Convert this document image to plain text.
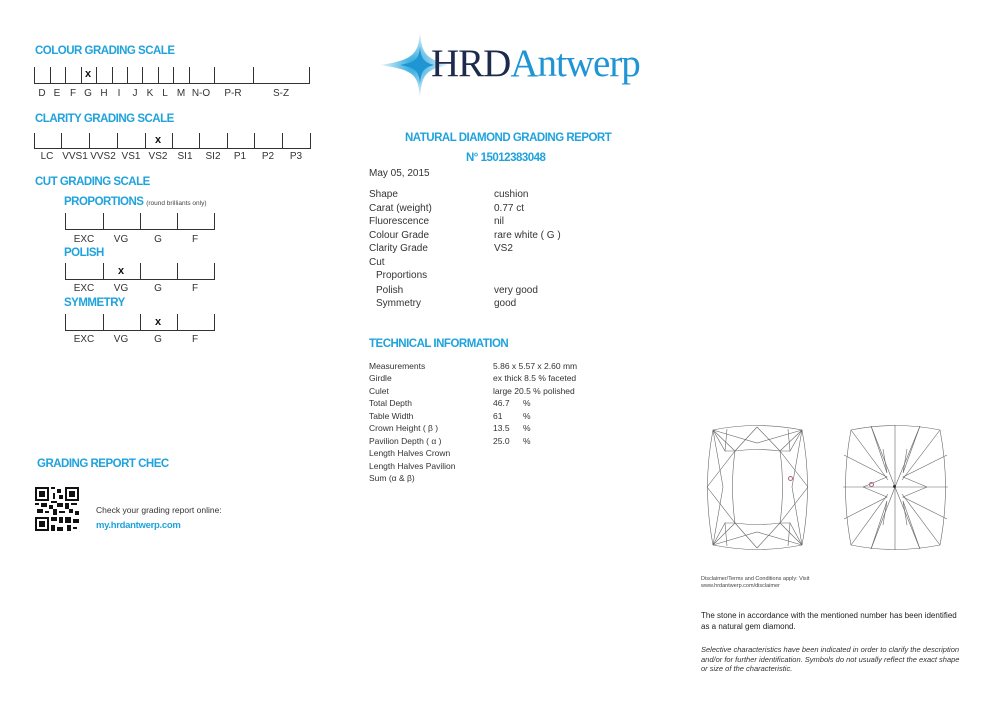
COLOUR GRADING SCALE
x
D E F G H I J K L M N-O P-R	S-Z
CLARITY GRADING SCALE
x
LC VVS1 VVS2 VS1 VS2 SI1 SI2 P1 P2 P3
CUT GRADING SCALE
PROPORTIONS (round brilliants only)
EXC VG	G	F
POLISH
x
EXC VG	G	F
SYMMETRY
x
EXC VG	G	F
GRADING REPORT CHEC
Check your grading report online:
my.hrdantwerp.com
HRDAntwerp
NATURAL DIAMOND GRADING REPORT
N° 15012383048
May 05, 2015
Shape	cushion
Carat (weight)	0.77 ct
Fluorescence	nil
Colour Grade	rare white ( G )
Clarity Grade	VS2
Cut
Proportions
Polish	very good
Symmetry	good
TECHNICAL INFORMATION
Measurements	5.86 x 5.57 x 2.60 mm
Girdle	ex thick 8.5 % faceted
Culet	large 20.5 % polished
Total Depth	46.7 %
Table Width	61 %
Crown Height ( β )	13.5 %
Pavilion Depth ( α )	25.0 %
Length Halves Crown
Length Halves Pavilion
Sum (α & β)
Disclaimer/Terms and Conditions apply: Visit
www.hrdantwerp.com/disclaimer
The stone in accordance with the mentioned number has been identified as a natural gem diamond.
Selective characteristics have been indicated in order to clarify the description and/or for further identification. Symbols do not usually reflect the exact shape or size of the characteristic.
